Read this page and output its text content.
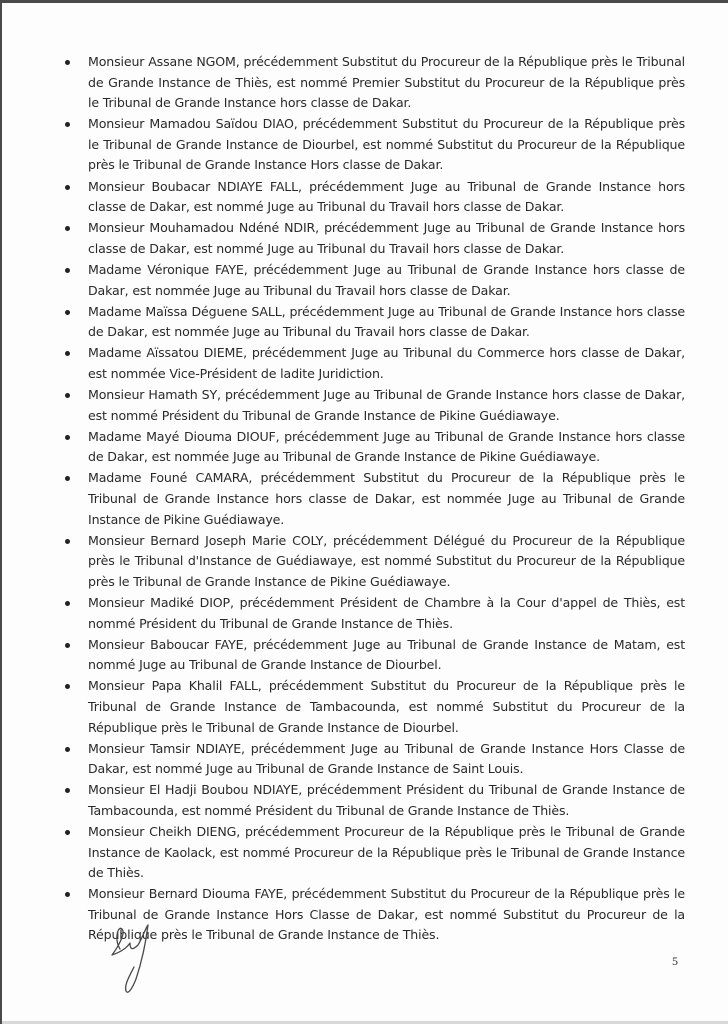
Monsieur Assane NGOM, précédemment Substitut du Procureur de la République près le Tribunal de Grande Instance de Thiès, est nommé Premier Substitut du Procureur de la République près le Tribunal de Grande Instance hors classe de Dakar.
Monsieur Mamadou Saïdou DIAO, précédemment Substitut du Procureur de la République près le Tribunal de Grande Instance de Diourbel, est nommé Substitut du Procureur de la République près le Tribunal de Grande Instance Hors classe de Dakar.
Monsieur Boubacar NDIAYE FALL, précédemment Juge au Tribunal de Grande Instance hors classe de Dakar, est nommé Juge au Tribunal du Travail hors classe de Dakar.
Monsieur Mouhamadou Ndéné NDIR, précédemment Juge au Tribunal de Grande Instance hors classe de Dakar, est nommé Juge au Tribunal du Travail hors classe de Dakar.
Madame Véronique FAYE, précédemment Juge au Tribunal de Grande Instance hors classe de Dakar, est nommée Juge au Tribunal du Travail hors classe de Dakar.
Madame Maïssa Déguene SALL, précédemment Juge au Tribunal de Grande Instance hors classe de Dakar, est nommée Juge au Tribunal du Travail hors classe de Dakar.
Madame Aïssatou DIEME, précédemment Juge au Tribunal du Commerce hors classe de Dakar, est nommée Vice-Président de ladite Juridiction.
Monsieur Hamath SY, précédemment Juge au Tribunal de Grande Instance hors classe de Dakar, est nommé Président du Tribunal de Grande Instance de Pikine Guédiawaye.
Madame Mayé Diouma DIOUF, précédemment Juge au Tribunal de Grande Instance hors classe de Dakar, est nommée Juge au Tribunal de Grande Instance de Pikine Guédiawaye.
Madame Founé CAMARA, précédemment Substitut du Procureur de la République près le Tribunal de Grande Instance hors classe de Dakar, est nommée Juge au Tribunal de Grande Instance de Pikine Guédiawaye.
Monsieur Bernard Joseph Marie COLY, précédemment Délégué du Procureur de la République près le Tribunal d'Instance de Guédiawaye, est nommé Substitut du Procureur de la République près le Tribunal de Grande Instance de Pikine Guédiawaye.
Monsieur Madiké DIOP, précédemment Président de Chambre à la Cour d'appel de Thiès, est nommé Président du Tribunal de Grande Instance de Thiès.
Monsieur Baboucar FAYE, précédemment Juge au Tribunal de Grande Instance de Matam, est nommé Juge au Tribunal de Grande Instance de Diourbel.
Monsieur Papa Khalil FALL, précédemment Substitut du Procureur de la République près le Tribunal de Grande Instance de Tambacounda, est nommé Substitut du Procureur de la République près le Tribunal de Grande Instance de Diourbel.
Monsieur Tamsir NDIAYE, précédemment Juge au Tribunal de Grande Instance Hors Classe de Dakar, est nommé Juge au Tribunal de Grande Instance de Saint Louis.
Monsieur El Hadji Boubou NDIAYE, précédemment Président du Tribunal de Grande Instance de Tambacounda, est nommé Président du Tribunal de Grande Instance de Thiès.
Monsieur Cheikh DIENG, précédemment Procureur de la République près le Tribunal de Grande Instance de Kaolack, est nommé Procureur de la République près le Tribunal de Grande Instance de Thiès.
Monsieur Bernard Diouma FAYE, précédemment Substitut du Procureur de la République près le Tribunal de Grande Instance Hors Classe de Dakar, est nommé Substitut du Procureur de la République près le Tribunal de Grande Instance de Thiès.
5
